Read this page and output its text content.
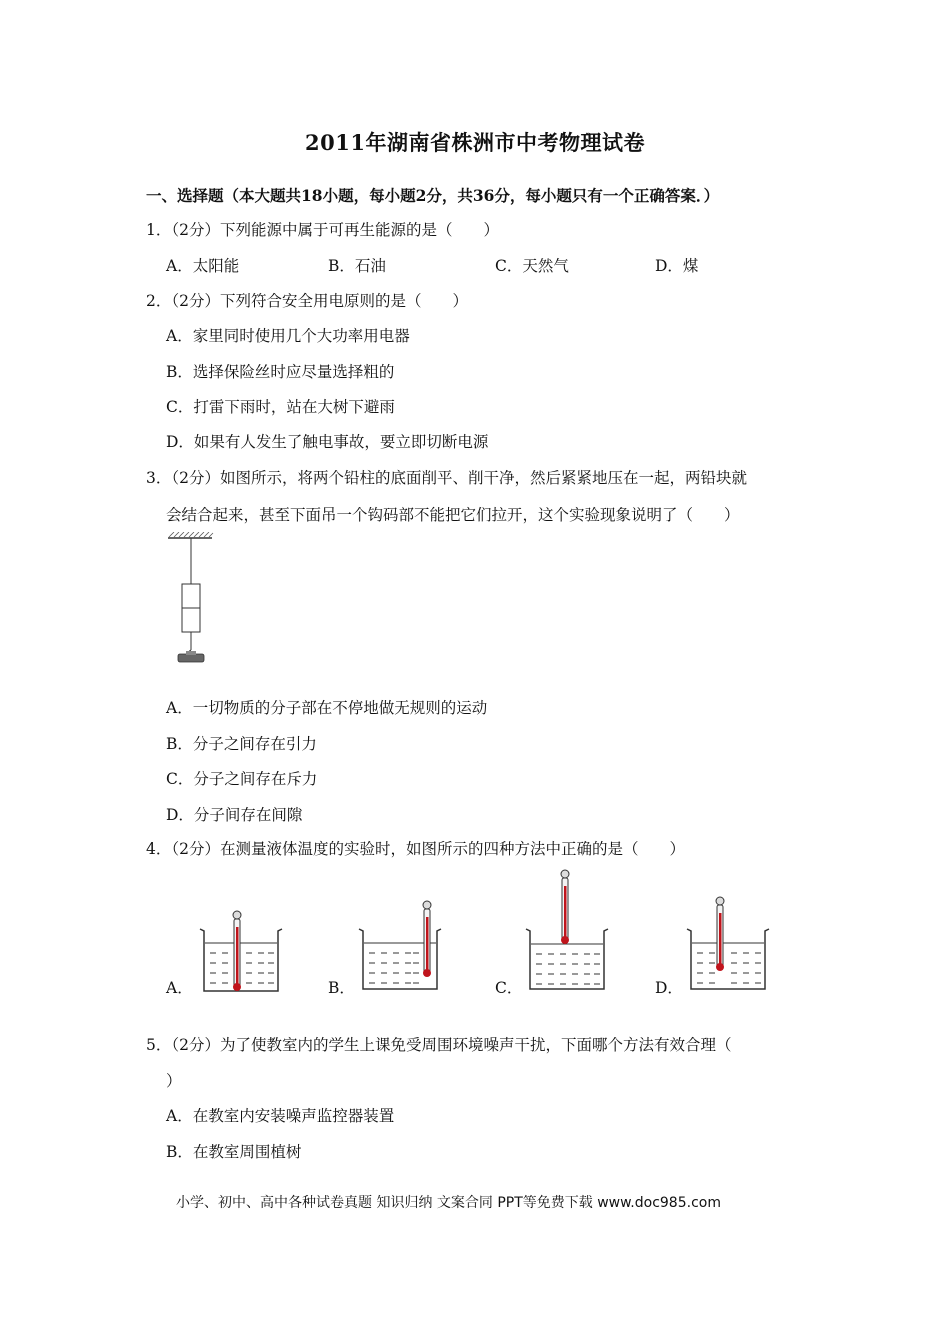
2011年湖南省株洲市中考物理试卷
一、选择题（本大题共18小题，每小题2分，共36分，每小题只有一个正确答案．）
1．（2分）下列能源中属于可再生能源的是（　　）
A．太阳能	B．石油	C．天然气	D．煤
2．（2分）下列符合安全用电原则的是（　　）
A．家里同时使用几个大功率用电器
B．选择保险丝时应尽量选择粗的
C．打雷下雨时，站在大树下避雨
D．如果有人发生了触电事故，要立即切断电源
3．（2分）如图所示，将两个铅柱的底面削平、削干净，然后紧紧地压在一起，两铅块就
会结合起来，甚至下面吊一个钩码部不能把它们拉开，这个实验现象说明了（　　）
A．一切物质的分子部在不停地做无规则的运动
B．分子之间存在引力
C．分子之间存在斥力
D．分子间存在间隙
4．（2分）在测量液体温度的实验时，如图所示的四种方法中正确的是（　　）
A．	B．	C．	D．
5．（2分）为了使教室内的学生上课免受周围环境噪声干扰，下面哪个方法有效合理（
）
A．在教室内安装噪声监控器装置
B．在教室周围植树
小学、初中、高中各种试卷真题 知识归纳 文案合同 PPT等免费下载 www.doc985.com
